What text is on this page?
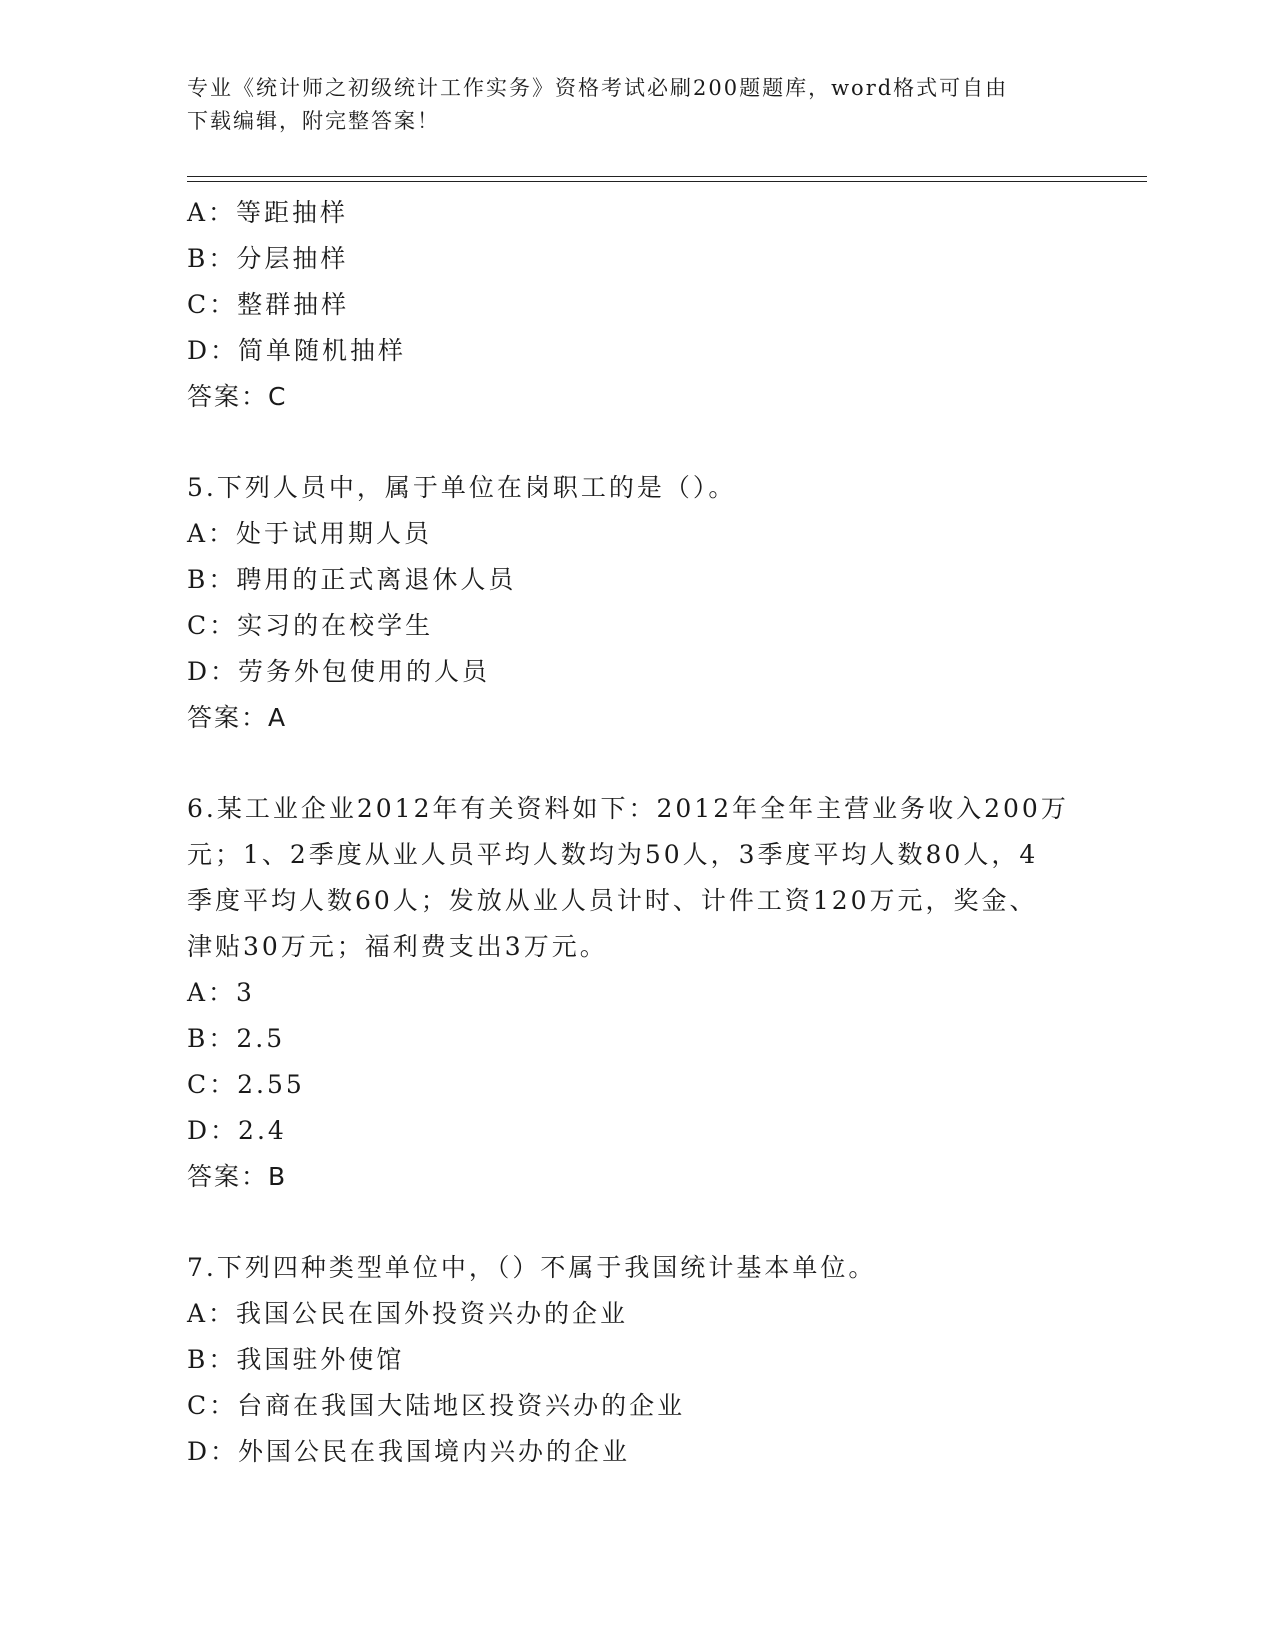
专业《统计师之初级统计工作实务》资格考试必刷200题题库，word格式可自由
下载编辑，附完整答案！
A：等距抽样
B：分层抽样
C：整群抽样
D：简单随机抽样
答案：C
5.下列人员中，属于单位在岗职工的是（）。
A：处于试用期人员
B：聘用的正式离退休人员
C：实习的在校学生
D：劳务外包使用的人员
答案：A
6.某工业企业2012年有关资料如下：2012年全年主营业务收入200万
元；1、2季度从业人员平均人数均为50人，3季度平均人数80人，4
季度平均人数60人；发放从业人员计时、计件工资120万元，奖金、
津贴30万元；福利费支出3万元。
A：3
B：2.5
C：2.55
D：2.4
答案：B
7.下列四种类型单位中，（）不属于我国统计基本单位。
A：我国公民在国外投资兴办的企业
B：我国驻外使馆
C：台商在我国大陆地区投资兴办的企业
D：外国公民在我国境内兴办的企业
